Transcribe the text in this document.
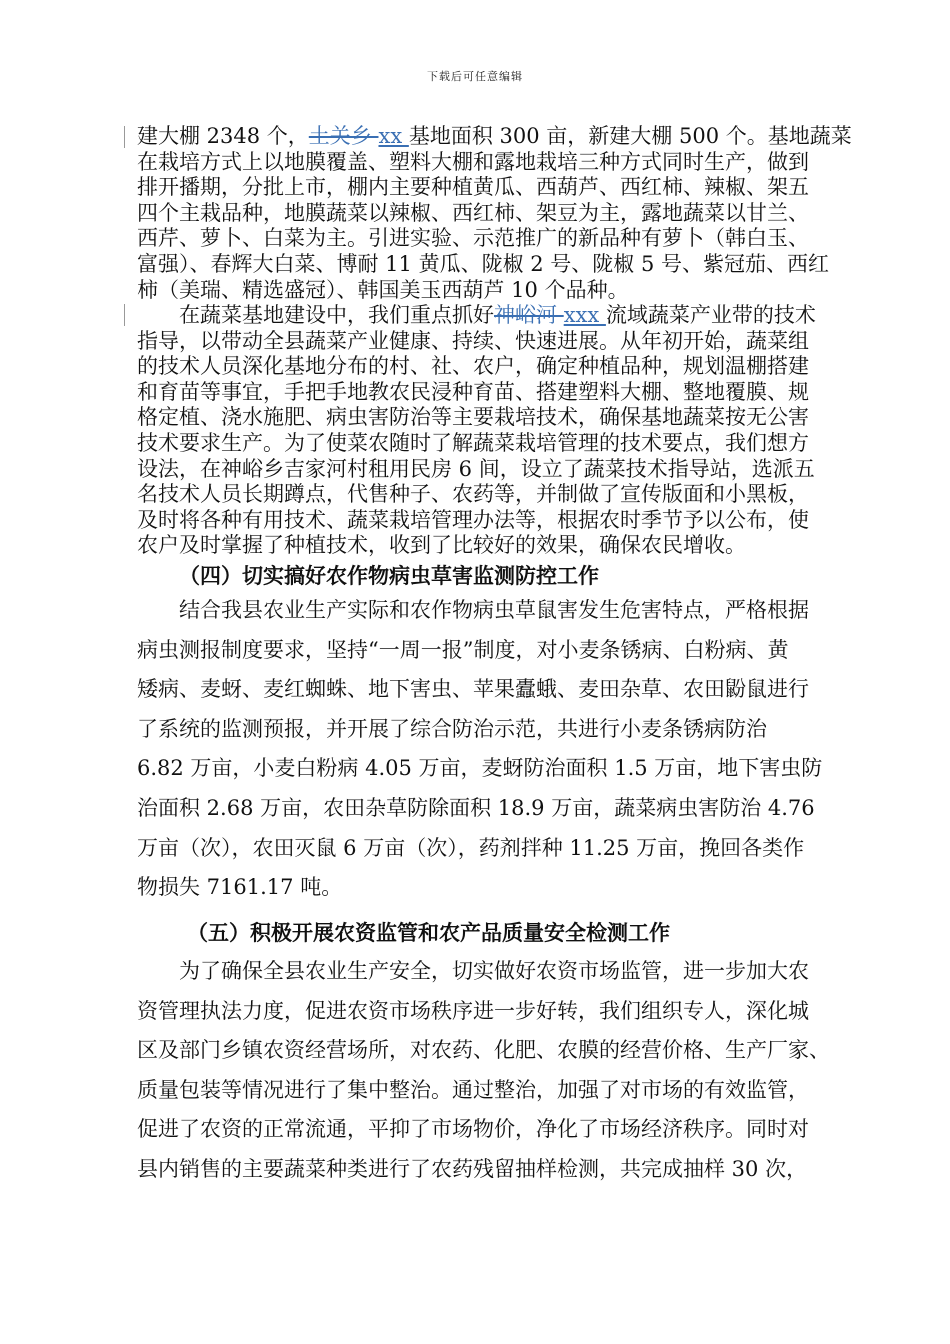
下载后可任意编辑
建大棚 2348 个，土关乡 xx 基地面积 300 亩，新建大棚 500 个。基地蔬菜
在栽培方式上以地膜覆盖、塑料大棚和露地栽培三种方式同时生产，做到
排开播期，分批上市，棚内主要种植黄瓜、西葫芦、西红柿、辣椒、架五
四个主栽品种，地膜蔬菜以辣椒、西红柿、架豆为主，露地蔬菜以甘兰、
西芹、萝卜、白菜为主。引进实验、示范推广的新品种有萝卜（韩白玉、
富强）、春辉大白菜、博耐 11 黄瓜、陇椒 2 号、陇椒 5 号、紫冠茄、西红
柿（美瑞、精选盛冠）、韩国美玉西葫芦 10 个品种。
在蔬菜基地建设中，我们重点抓好神峪河 xxx 流域蔬菜产业带的技术
指导，以带动全县蔬菜产业健康、持续、快速进展。从年初开始，蔬菜组
的技术人员深化基地分布的村、社、农户，确定种植品种，规划温棚搭建
和育苗等事宜，手把手地教农民浸种育苗、搭建塑料大棚、整地覆膜、规
格定植、浇水施肥、病虫害防治等主要栽培技术，确保基地蔬菜按无公害
技术要求生产。为了使菜农随时了解蔬菜栽培管理的技术要点，我们想方
设法，在神峪乡吉家河村租用民房 6 间，设立了蔬菜技术指导站，选派五
名技术人员长期蹲点，代售种子、农药等，并制做了宣传版面和小黑板，
及时将各种有用技术、蔬菜栽培管理办法等，根据农时季节予以公布，使
农户及时掌握了种植技术，收到了比较好的效果，确保农民增收。
（四）切实搞好农作物病虫草害监测防控工作
结合我县农业生产实际和农作物病虫草鼠害发生危害特点，严格根据
病虫测报制度要求，坚持“一周一报”制度，对小麦条锈病、白粉病、黄
矮病、麦蚜、麦红蜘蛛、地下害虫、苹果蠹蛾、麦田杂草、农田鼢鼠进行
了系统的监测预报，并开展了综合防治示范，共进行小麦条锈病防治
6.82 万亩，小麦白粉病 4.05 万亩，麦蚜防治面积 1.5 万亩，地下害虫防
治面积 2.68 万亩，农田杂草防除面积 18.9 万亩，蔬菜病虫害防治 4.76
万亩（次），农田灭鼠 6 万亩（次），药剂拌种 11.25 万亩，挽回各类作
物损失 7161.17 吨。
（五）积极开展农资监管和农产品质量安全检测工作
为了确保全县农业生产安全，切实做好农资市场监管，进一步加大农
资管理执法力度，促进农资市场秩序进一步好转，我们组织专人，深化城
区及部门乡镇农资经营场所，对农药、化肥、农膜的经营价格、生产厂家、
质量包装等情况进行了集中整治。通过整治，加强了对市场的有效监管，
促进了农资的正常流通，平抑了市场物价，净化了市场经济秩序。同时对
县内销售的主要蔬菜种类进行了农药残留抽样检测，共完成抽样 30 次，
